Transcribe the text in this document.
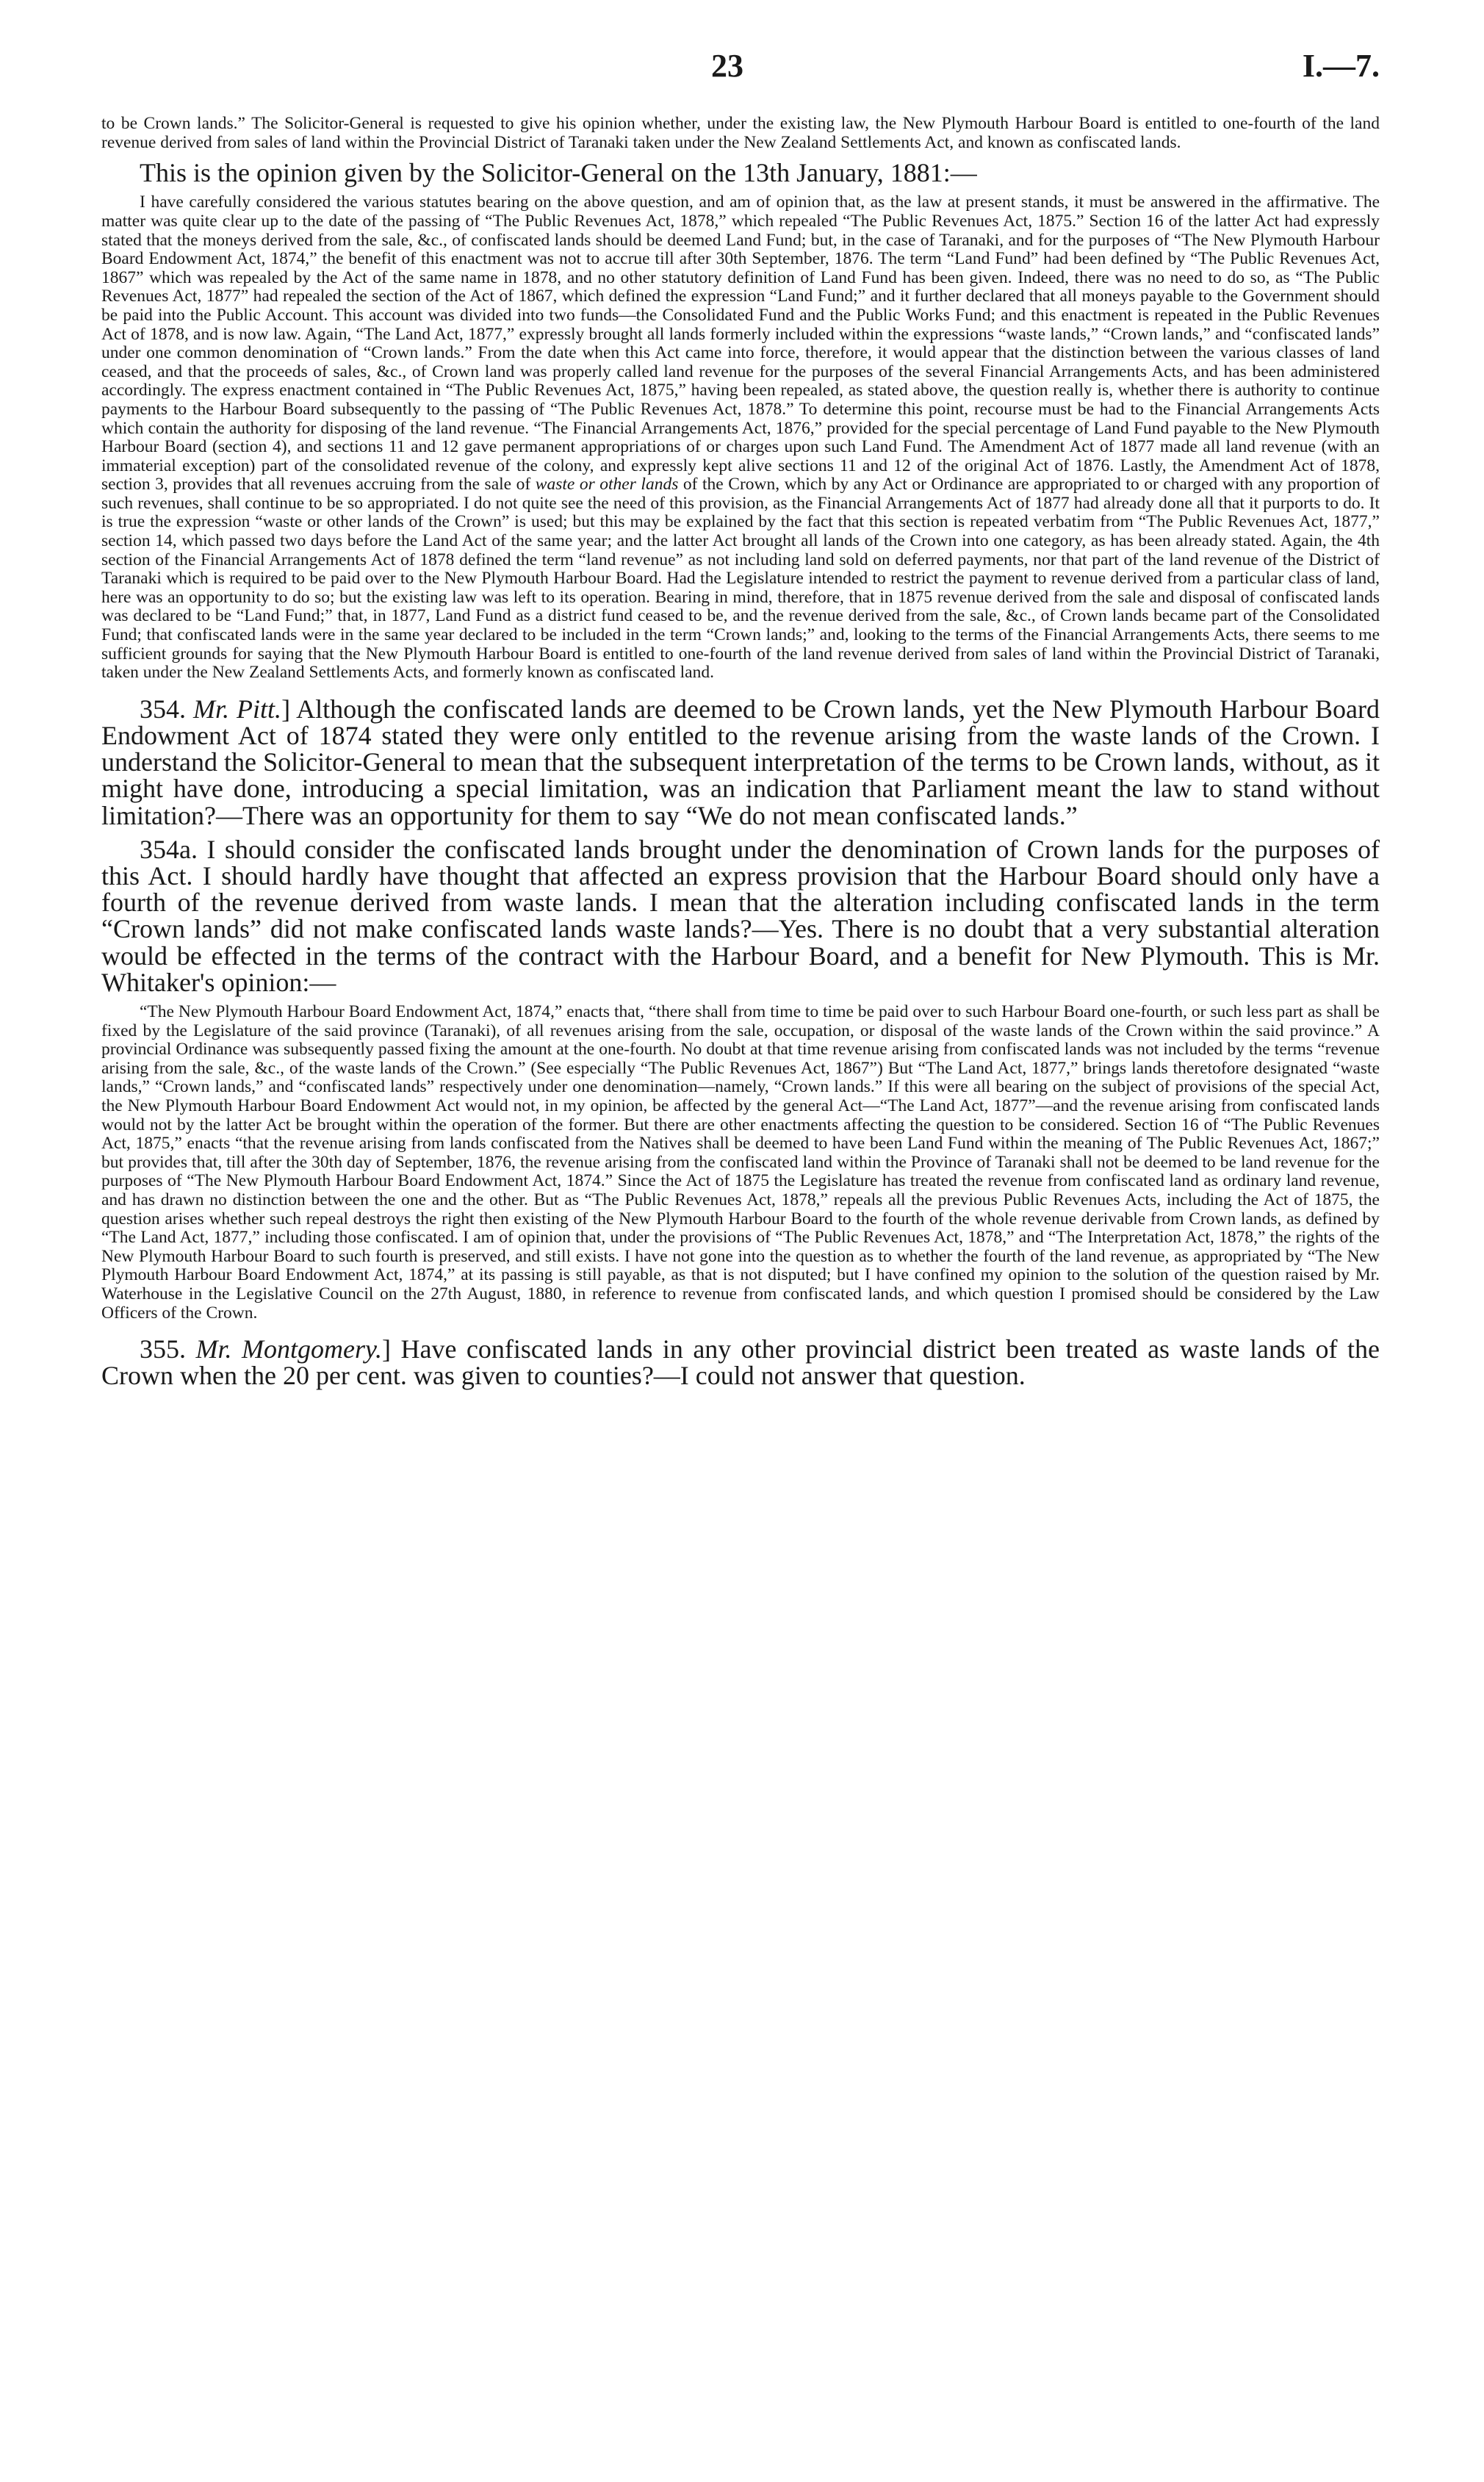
23	I.—7.

to be Crown lands.” The Solicitor-General is requested to give his opinion whether, under the existing law, the New Plymouth Harbour Board is entitled to one-fourth of the land revenue derived from sales of land within the Provincial District of Taranaki taken under the New Zealand Settlements Act, and known as confiscated lands.

This is the opinion given by the Solicitor-General on the 13th January, 1881:—

I have carefully considered the various statutes bearing on the above question, and am of opinion that, as the law at present stands, it must be answered in the affirmative. The matter was quite clear up to the date of the passing of “The Public Revenues Act, 1878,” which repealed “The Public Revenues Act, 1875.” Section 16 of the latter Act had expressly stated that the moneys derived from the sale, &c., of confiscated lands should be deemed Land Fund; but, in the case of Taranaki, and for the purposes of “The New Plymouth Harbour Board Endowment Act, 1874,” the benefit of this enactment was not to accrue till after 30th September, 1876. The term “Land Fund” had been defined by “The Public Revenues Act, 1867” which was repealed by the Act of the same name in 1878, and no other statutory definition of Land Fund has been given. Indeed, there was no need to do so, as “The Public Revenues Act, 1877” had repealed the section of the Act of 1867, which defined the expression “Land Fund;” and it further declared that all moneys payable to the Government should be paid into the Public Account. This account was divided into two funds—the Consolidated Fund and the Public Works Fund; and this enactment is repeated in the Public Revenues Act of 1878, and is now law. Again, “The Land Act, 1877,” expressly brought all lands formerly included within the expressions “waste lands,” “Crown lands,” and “confiscated lands” under one common denomination of “Crown lands.” From the date when this Act came into force, therefore, it would appear that the distinction between the various classes of land ceased, and that the proceeds of sales, &c., of Crown land was properly called land revenue for the purposes of the several Financial Arrangements Acts, and has been administered accordingly. The express enactment contained in “The Public Revenues Act, 1875,” having been repealed, as stated above, the question really is, whether there is authority to continue payments to the Harbour Board subsequently to the passing of “The Public Revenues Act, 1878.” To determine this point, recourse must be had to the Financial Arrangements Acts which contain the authority for disposing of the land revenue. “The Financial Arrangements Act, 1876,” provided for the special percentage of Land Fund payable to the New Plymouth Harbour Board (section 4), and sections 11 and 12 gave permanent appropriations of or charges upon such Land Fund. The Amendment Act of 1877 made all land revenue (with an immaterial exception) part of the consolidated revenue of the colony, and expressly kept alive sections 11 and 12 of the original Act of 1876. Lastly, the Amendment Act of 1878, section 3, provides that all revenues accruing from the sale of waste or other lands of the Crown, which by any Act or Ordinance are appropriated to or charged with any proportion of such revenues, shall continue to be so appropriated. I do not quite see the need of this provision, as the Financial Arrangements Act of 1877 had already done all that it purports to do. It is true the expression “waste or other lands of the Crown” is used; but this may be explained by the fact that this section is repeated verbatim from “The Public Revenues Act, 1877,” section 14, which passed two days before the Land Act of the same year; and the latter Act brought all lands of the Crown into one category, as has been already stated. Again, the 4th section of the Financial Arrangements Act of 1878 defined the term “land revenue” as not including land sold on deferred payments, nor that part of the land revenue of the District of Taranaki which is required to be paid over to the New Plymouth Harbour Board. Had the Legislature intended to restrict the payment to revenue derived from a particular class of land, here was an opportunity to do so; but the existing law was left to its operation. Bearing in mind, therefore, that in 1875 revenue derived from the sale and disposal of confiscated lands was declared to be “Land Fund;” that, in 1877, Land Fund as a district fund ceased to be, and the revenue derived from the sale, &c., of Crown lands became part of the Consolidated Fund; that confiscated lands were in the same year declared to be included in the term “Crown lands;” and, looking to the terms of the Financial Arrangements Acts, there seems to me sufficient grounds for saying that the New Plymouth Harbour Board is entitled to one-fourth of the land revenue derived from sales of land within the Provincial District of Taranaki, taken under the New Zealand Settlements Acts, and formerly known as confiscated land.

354. Mr. Pitt.] Although the confiscated lands are deemed to be Crown lands, yet the New Plymouth Harbour Board Endowment Act of 1874 stated they were only entitled to the revenue arising from the waste lands of the Crown. I understand the Solicitor-General to mean that the subsequent interpretation of the terms to be Crown lands, without, as it might have done, introducing a special limitation, was an indication that Parliament meant the law to stand without limitation?—There was an opportunity for them to say “We do not mean confiscated lands.”

354a. I should consider the confiscated lands brought under the denomination of Crown lands for the purposes of this Act. I should hardly have thought that affected an express provision that the Harbour Board should only have a fourth of the revenue derived from waste lands. I mean that the alteration including confiscated lands in the term “Crown lands” did not make confiscated lands waste lands?—Yes. There is no doubt that a very substantial alteration would be effected in the terms of the contract with the Harbour Board, and a benefit for New Plymouth. This is Mr. Whitaker's opinion:—

“The New Plymouth Harbour Board Endowment Act, 1874,” enacts that, “there shall from time to time be paid over to such Harbour Board one-fourth, or such less part as shall be fixed by the Legislature of the said province (Taranaki), of all revenues arising from the sale, occupation, or disposal of the waste lands of the Crown within the said province.” A provincial Ordinance was subsequently passed fixing the amount at the one-fourth. No doubt at that time revenue arising from confiscated lands was not included by the terms “revenue arising from the sale, &c., of the waste lands of the Crown.” (See especially “The Public Revenues Act, 1867”) But “The Land Act, 1877,” brings lands theretofore designated “waste lands,” “Crown lands,” and “confiscated lands” respectively under one denomination—namely, “Crown lands.” If this were all bearing on the subject of provisions of the special Act, the New Plymouth Harbour Board Endowment Act would not, in my opinion, be affected by the general Act—“The Land Act, 1877”—and the revenue arising from confiscated lands would not by the latter Act be brought within the operation of the former. But there are other enactments affecting the question to be considered. Section 16 of “The Public Revenues Act, 1875,” enacts “that the revenue arising from lands confiscated from the Natives shall be deemed to have been Land Fund within the meaning of The Public Revenues Act, 1867;” but provides that, till after the 30th day of September, 1876, the revenue arising from the confiscated land within the Province of Taranaki shall not be deemed to be land revenue for the purposes of “The New Plymouth Harbour Board Endowment Act, 1874.” Since the Act of 1875 the Legislature has treated the revenue from confiscated land as ordinary land revenue, and has drawn no distinction between the one and the other. But as “The Public Revenues Act, 1878,” repeals all the previous Public Revenues Acts, including the Act of 1875, the question arises whether such repeal destroys the right then existing of the New Plymouth Harbour Board to the fourth of the whole revenue derivable from Crown lands, as defined by “The Land Act, 1877,” including those confiscated. I am of opinion that, under the provisions of “The Public Revenues Act, 1878,” and “The Interpretation Act, 1878,” the rights of the New Plymouth Harbour Board to such fourth is preserved, and still exists. I have not gone into the question as to whether the fourth of the land revenue, as appropriated by “The New Plymouth Harbour Board Endowment Act, 1874,” at its passing is still payable, as that is not disputed; but I have confined my opinion to the solution of the question raised by Mr. Waterhouse in the Legislative Council on the 27th August, 1880, in reference to revenue from confiscated lands, and which question I promised should be considered by the Law Officers of the Crown.

355. Mr. Montgomery.] Have confiscated lands in any other provincial district been treated as waste lands of the Crown when the 20 per cent. was given to counties?—I could not answer that question.
